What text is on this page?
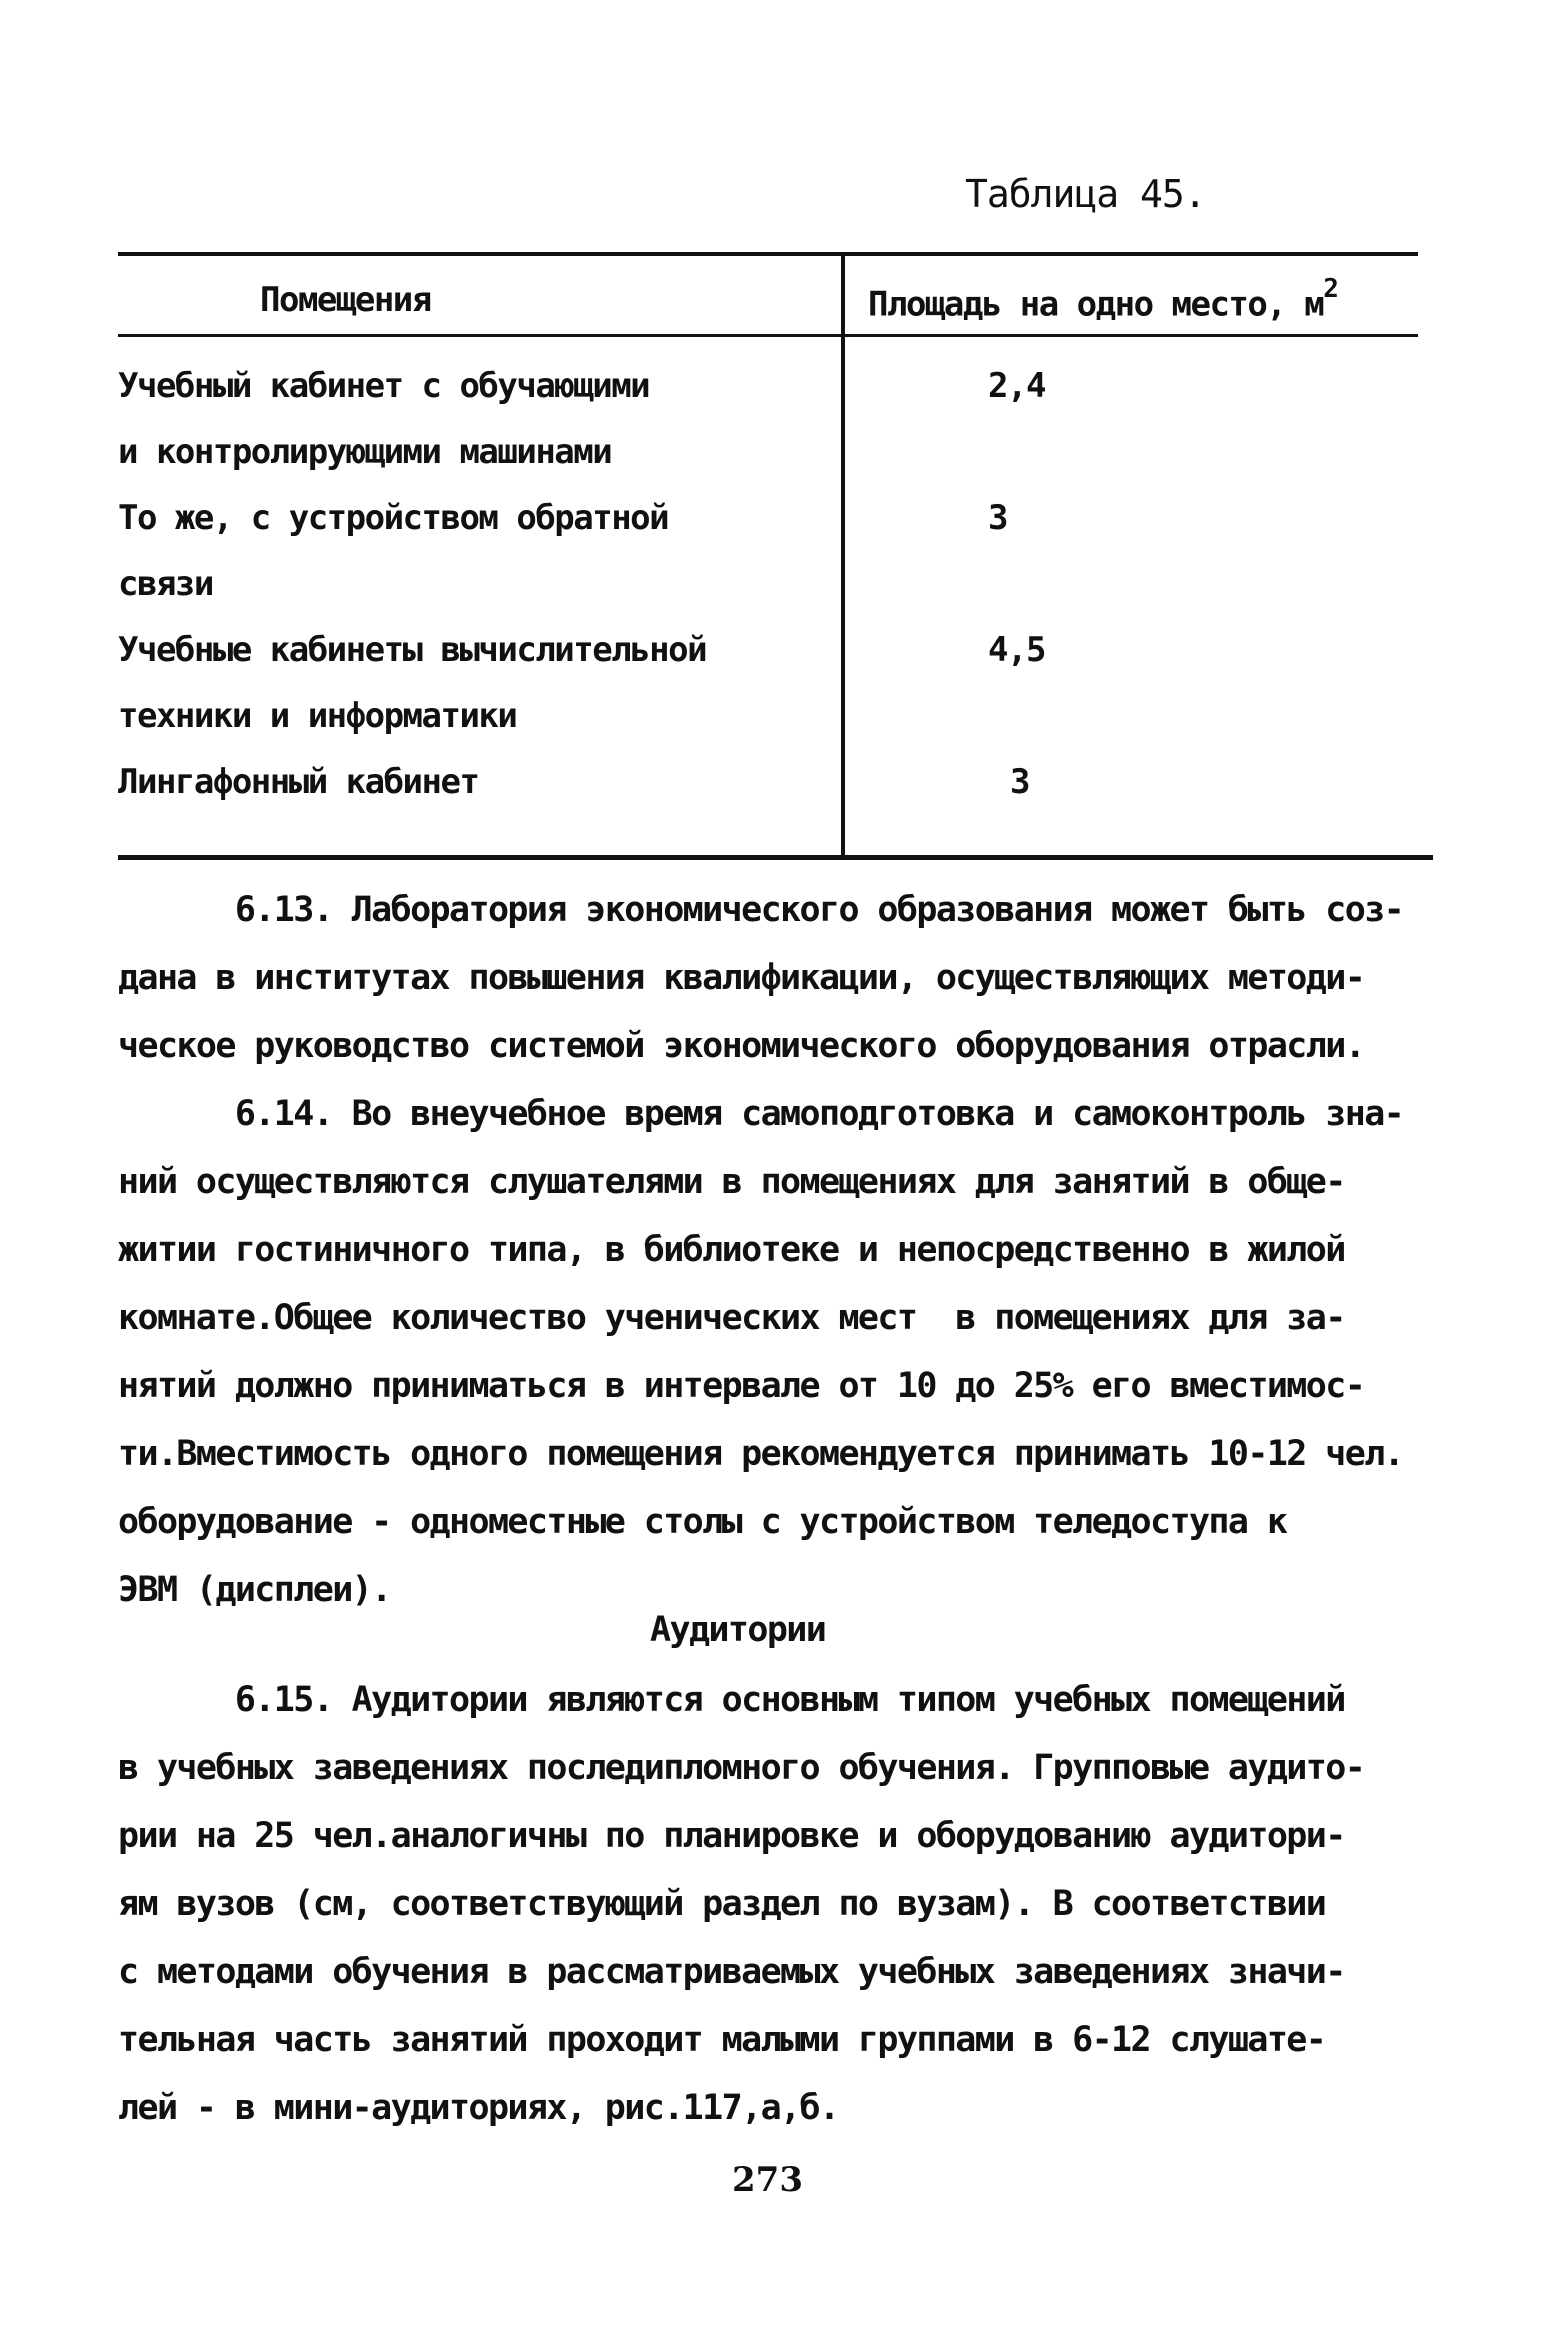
Таблица 45.
Помещения	Площадь на одно место, $м^2$
Учебный кабинет с обучающими
и контролирующими машинами
2,4
То же, с устройством обратной
связи
3
Учебные кабинеты вычислительной
техники и информатики
4,5
Лингафонный кабинет	3
6.13. Лаборатория экономического образования может быть соз-
дана в институтах повышения квалификации, осуществляющих методи-
ческое руководство системой экономического оборудования отрасли.
6.14. Во внеучебное время самоподготовка и самоконтроль зна-
ний осуществляются слушателями в помещениях для занятий в обще-
житии гостиничного типа, в библиотеке и непосредственно в жилой
комнате.Общее количество ученических мест  в помещениях для за-
нятий должно приниматься в интервале от 10 до 25% его вместимос-
ти.Вместимость одного помещения рекомендуется принимать 10-12 чел.
оборудование - одноместные столы с устройством теледоступа к
ЭВМ (дисплеи).
Аудитории
6.15. Аудитории являются основным типом учебных помещений
в учебных заведениях последипломного обучения. Групповые аудито-
рии на 25 чел.аналогичны по планировке и оборудованию аудитори-
ям вузов (см, соответствующий раздел по вузам). В соответствии
с методами обучения в рассматриваемых учебных заведениях значи-
тельная часть занятий проходит малыми группами в 6-12 слушате-
лей - в мини-аудиториях, рис.117,а,б.
273
